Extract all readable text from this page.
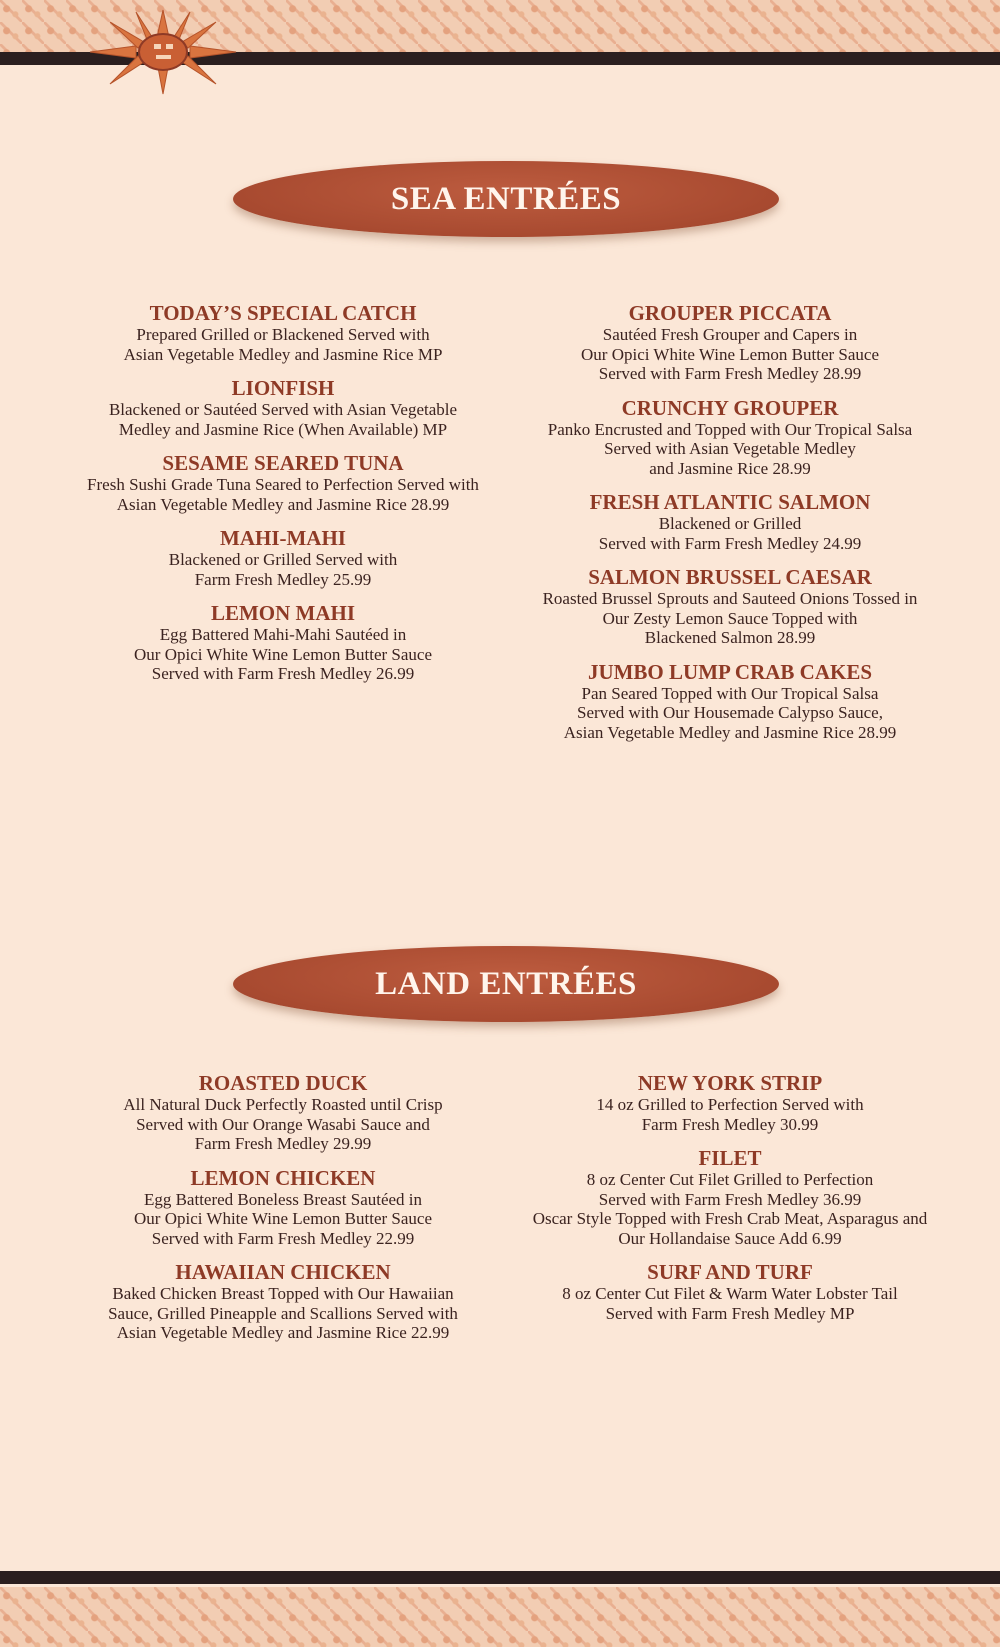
SEA ENTRÉES
TODAY’S SPECIAL CATCH
Prepared Grilled or Blackened Served with
Asian Vegetable Medley and Jasmine Rice MP
LIONFISH
Blackened or Sautéed Served with Asian Vegetable
Medley and Jasmine Rice (When Available) MP
SESAME SEARED TUNA
Fresh Sushi Grade Tuna Seared to Perfection Served with
Asian Vegetable Medley and Jasmine Rice 28.99
MAHI-MAHI
Blackened or Grilled Served with
Farm Fresh Medley 25.99
LEMON MAHI
Egg Battered Mahi-Mahi Sautéed in
Our Opici White Wine Lemon Butter Sauce
Served with Farm Fresh Medley 26.99
GROUPER PICCATA
Sautéed Fresh Grouper and Capers in
Our Opici White Wine Lemon Butter Sauce
Served with Farm Fresh Medley 28.99
CRUNCHY GROUPER
Panko Encrusted and Topped with Our Tropical Salsa
Served with Asian Vegetable Medley
and Jasmine Rice 28.99
FRESH ATLANTIC SALMON
Blackened or Grilled
Served with Farm Fresh Medley 24.99
SALMON BRUSSEL CAESAR
Roasted Brussel Sprouts and Sauteed Onions Tossed in
Our Zesty Lemon Sauce Topped with
Blackened Salmon 28.99
JUMBO LUMP CRAB CAKES
Pan Seared Topped with Our Tropical Salsa
Served with Our Housemade Calypso Sauce,
Asian Vegetable Medley and Jasmine Rice 28.99
LAND ENTRÉES
ROASTED DUCK
All Natural Duck Perfectly Roasted until Crisp
Served with Our Orange Wasabi Sauce and
Farm Fresh Medley 29.99
LEMON CHICKEN
Egg Battered Boneless Breast Sautéed in
Our Opici White Wine Lemon Butter Sauce
Served with Farm Fresh Medley 22.99
HAWAIIAN CHICKEN
Baked Chicken Breast Topped with Our Hawaiian
Sauce, Grilled Pineapple and Scallions Served with
Asian Vegetable Medley and Jasmine Rice 22.99
NEW YORK STRIP
14 oz Grilled to Perfection Served with
Farm Fresh Medley 30.99
FILET
8 oz Center Cut Filet Grilled to Perfection
Served with Farm Fresh Medley 36.99
Oscar Style Topped with Fresh Crab Meat, Asparagus and
Our Hollandaise Sauce Add 6.99
SURF AND TURF
8 oz Center Cut Filet & Warm Water Lobster Tail
Served with Farm Fresh Medley MP
